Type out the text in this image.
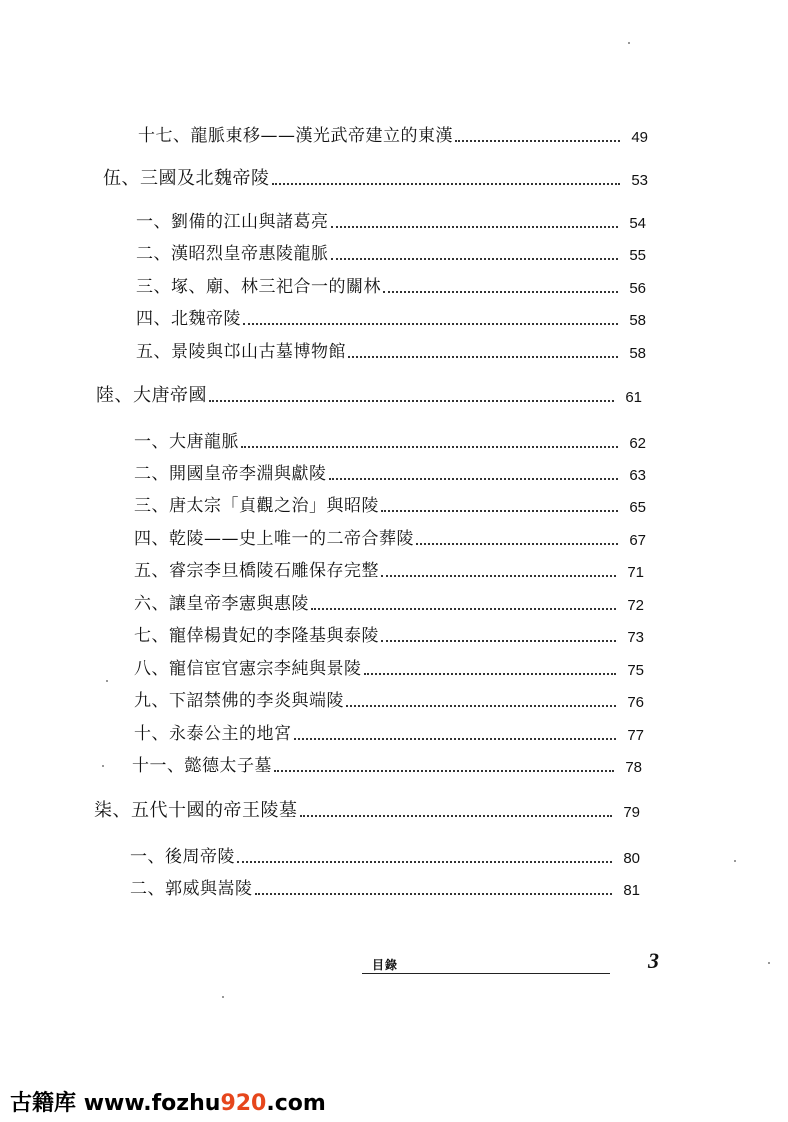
十七、龍脈東移——漢光武帝建立的東漢	49
伍、三國及北魏帝陵	53
一、劉備的江山與諸葛亮	54
二、漢昭烈皇帝惠陵龍脈	55
三、塚、廟、林三祀合一的關林	56
四、北魏帝陵	58
五、景陵與邙山古墓博物館	58
陸、大唐帝國	61
一、大唐龍脈	62
二、開國皇帝李淵與獻陵	63
三、唐太宗「貞觀之治」與昭陵	65
四、乾陵——史上唯一的二帝合葬陵	67
五、睿宗李旦橋陵石雕保存完整	71
六、讓皇帝李憲與惠陵	72
七、寵倖楊貴妃的李隆基與泰陵	73
八、寵信宦官憲宗李純與景陵	75
九、下詔禁佛的李炎與端陵	76
十、永泰公主的地宮	77
十一、懿德太子墓	78
柒、五代十國的帝王陵墓	79
一、後周帝陵	80
二、郭威與嵩陵	81
目錄	3
古籍库 www.fozhu920.com
